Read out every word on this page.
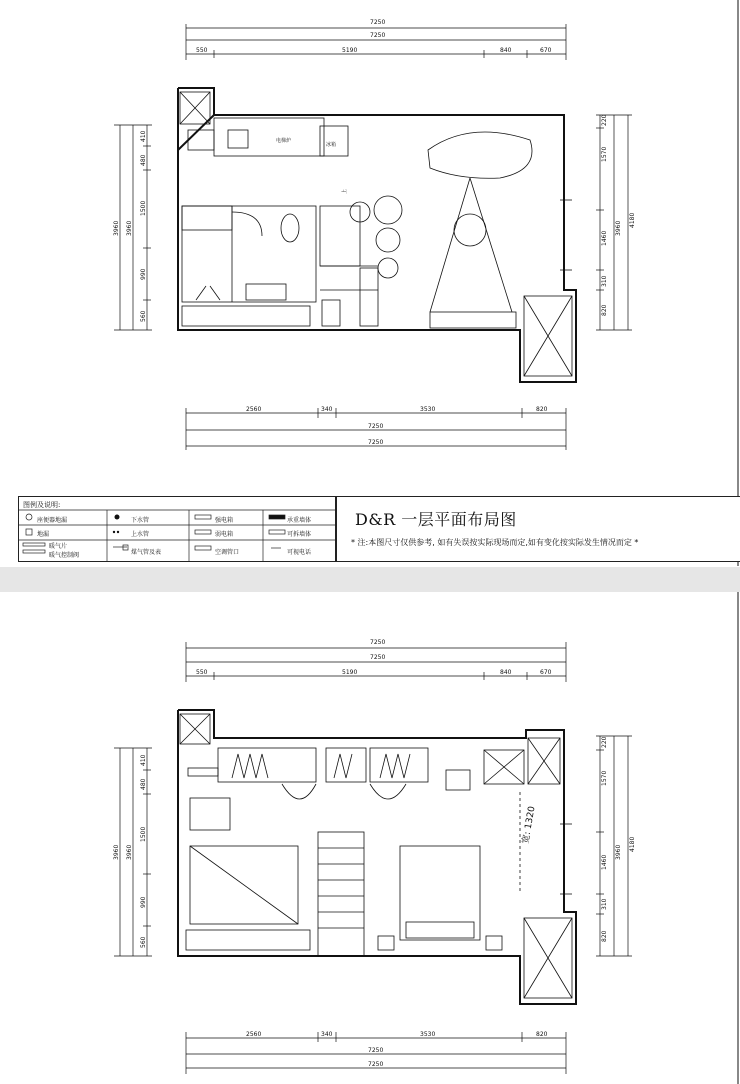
7250
7250
550	5190	840	670
2560	340	3530	820
7250
7250
3960 3960
410
480
1500
990
560
4180
3960
220
1570
1460
310
820
上
冰箱
电梯炉
图例及说明:
座便器地漏	下水管	强电箱	承重墙体
地漏	上水管	弱电箱	可拆墙体
暖气片
暖气控制阀	煤气管及表	空调管口	可视电话
D&R 一层平面布局图
* 注:本图尺寸仅供参考, 如有失误按实际现场而定,如有变化按实际发生情况而定 *
7250
7250
550	5190	840	670
2560	340	3530	820
7250
7250
3960 3960
410
480
1500
990
560
4180
3960
220
1570
1460
310
820
宽: 1320
